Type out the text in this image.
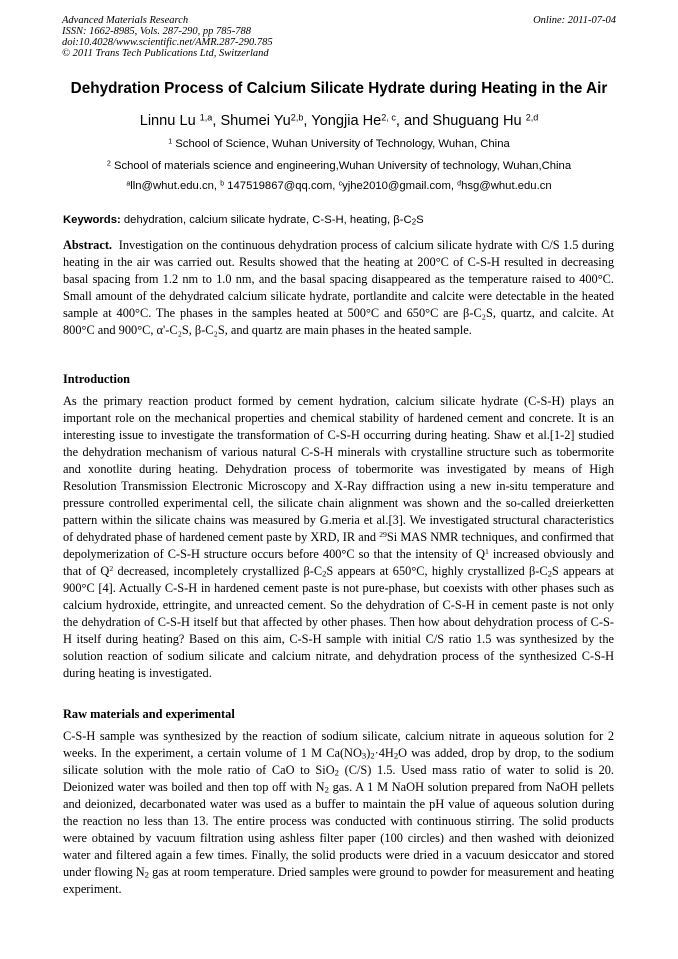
Advanced Materials Research
ISSN: 1662-8985, Vols. 287-290, pp 785-788
doi:10.4028/www.scientific.net/AMR.287-290.785
© 2011 Trans Tech Publications Ltd, Switzerland
Online: 2011-07-04
Dehydration Process of Calcium Silicate Hydrate during Heating in the Air
Linnu Lu $^{1,a}$, Shumei Yu$^{2,b}$, Yongjia He$^{2, c}$, and Shuguang Hu $^{2,d}$
$^1$ School of Science, Wuhan University of Technology, Wuhan, China
$^2$ School of materials science and engineering,Wuhan University of technology, Wuhan,China
$^a$lln@whut.edu.cn, $^b$ 147519867@qq.com, $^c$yjhe2010@gmail.com, $^d$hsg@whut.edu.cn
Keywords: dehydration, calcium silicate hydrate, C-S-H, heating, $\beta-C_2S$

Abstract. Investigation on the continuous dehydration process of calcium silicate hydrate with C/S 1.5 during heating in the air was carried out. Results showed that the heating at 200°C of C-S-H resulted in decreasing basal spacing from 1.2 nm to 1.0 nm, and the basal spacing disappeared as the temperature raised to 400°C. Small amount of the dehydrated calcium silicate hydrate, portlandite and calcite were detectable in the heated sample at 400°C. The phases in the samples heated at 500°C and 650°C are β-C₂S, quartz, and calcite. At 800°C and 900°C, α'-C₂S, β-C₂S, and quartz are main phases in the heated sample.

Introduction

As the primary reaction product formed by cement hydration, calcium silicate hydrate (C-S-H) plays an important role on the mechanical properties and chemical stability of hardened cement and concrete. It is an interesting issue to investigate the transformation of C-S-H occurring during heating. Shaw et al.[1-2] studied the dehydration mechanism of various natural C-S-H minerals with crystalline structure such as tobermorite and xonotlite during heating. Dehydration process of tobermorite was investigated by means of High Resolution Transmission Electronic Microscopy and X-Ray diffraction using a new in-situ temperature and pressure controlled experimental cell, the silicate chain alignment was shown and the so-called dreierketten pattern within the silicate chains was measured by G.meria et al.[3]. We investigated structural characteristics of dehydrated phase of hardened cement paste by XRD, IR and $^{29}$Si MAS NMR techniques, and confirmed that depolymerization of C-S-H structure occurs before 400°C so that the intensity of $Q^1$ increased obviously and that of $Q^2$ decreased, incompletely crystallized $\beta-C_2S$ appears at 650°C, highly crystallized $\beta-C_2S$ appears at 900°C [4]. Actually C-S-H in hardened cement paste is not pure-phase, but coexists with other phases such as calcium hydroxide, ettringite, and unreacted cement. So the dehydration of C-S-H in cement paste is not only the dehydration of C-S-H itself but that affected by other phases. Then how about dehydration process of C-S-H itself during heating? Based on this aim, C-S-H sample with initial C/S ratio 1.5 was synthesized by the solution reaction of sodium silicate and calcium nitrate, and dehydration process of the synthesized C-S-H during heating is investigated.

Raw materials and experimental

C-S-H sample was synthesized by the reaction of sodium silicate, calcium nitrate in aqueous solution for 2 weeks. In the experiment, a certain volume of 1 M $Ca(NO_3)_2\cdot 4H_2O$ was added, drop by drop, to the sodium silicate solution with the mole ratio of CaO to SiO$_2$ (C/S) 1.5. Used mass ratio of water to solid is 20. Deionized water was boiled and then top off with $N_2$ gas. A 1 M NaOH solution prepared from NaOH pellets and deionized, decarbonated water was used as a buffer to maintain the pH value of aqueous solution during the reaction no less than 13. The entire process was conducted with continuous stirring. The solid products were obtained by vacuum filtration using ashless filter paper (100 circles) and then washed with deionized water and filtered again a few times. Finally, the solid products were dried in a vacuum desiccator and stored under flowing $N_2$ gas at room temperature. Dried samples were ground to powder for measurement and heating experiment.
